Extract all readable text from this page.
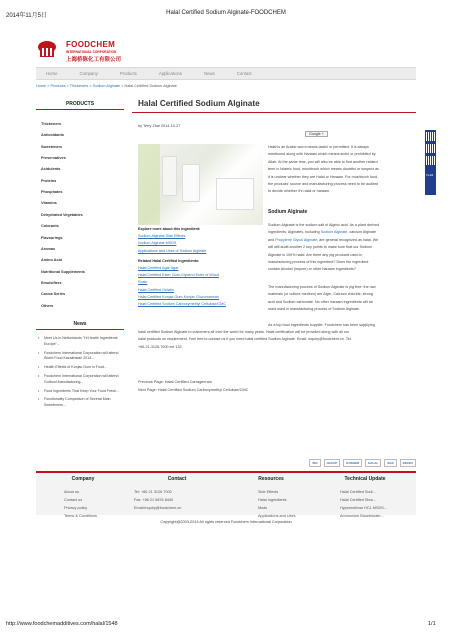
2014年11月5日	Halal Certified Sodium Alginate-FOODCHEM
FOODCHEM
INTERNATIONAL CORPORATION
上海桥陈化工有限公司
Home	Company	Products	Applications	News	Contact
Home > Products > Thickeners > Sodium Alginate > Halal Certified Sodium Alginate
PRODUCTS
Thickeners
Antioxidants
Sweeteners
Preservatives
Acidulents
Proteins
Phosphates
Vitamins
Dehydrated Vegetables
Colorants
Flavourings
Aromas
Amino Acid
Nutritional Supplements
Emulsifiers
Cocoa Series
Others
News
• Meet Us In Netherlands "Hi Health Ingredients Europe"...
• Foodchem International Corporation will attend World Food Kazakhstan 2014...
• Health Effects of Konjac Gum in Food...
• Foodchem International Corporation will attend Gulfood Manufacturing...
• Food Ingredients That Keep Your Food Fresh...
• Functionality Comparison of Several Main Sweeteners...
Halal Certified Sodium Alginate
by Terry Zhai 2014-10-27
Google +
Halal is an Arabic word means lawful or permitted. It is always
mentioned along with Haraam which means sinful or prohibited by
Allah. At the same time, you will also be able to find another related
term in Islamic food, mushbooh which means doubtful or suspect as
it is unclear whether they are Halal or Haraam. For mushbooh food,
the products' source and manufacturing process need to be audited
to decide whether it's halal or haraam.
Sodium Alginate
Sodium Alginate is the sodium salt of Alginic acid. As a plant derived
ingredients, Alginates, including Sodium Alginate, calcium Alginate
and Propylene Glycol Alginate, are general recognized as halal. We
will still audit another 2 key points to make sure that our Sodium
Alginate is 100% halal: Are there any pig products used in
manufacturing process of this ingredient? Does the ingredient
contain Alcohol (impure) or other haraam ingredients?
The manufacturing process of Sodium Alginate is pig free: the raw
materials (or culture medium) are Algin, Calcium chloride, strong
acid and Sodium carbonate. No other haraam ingredients will be
used used in manufacturing process of Sodium Alginate.
Explore more about this ingredient:
Sodium Alginate Side Effects
Sodium Alginate MSDS
Applications and Uses of Sodium Alginate
Related Halal Certified Ingredients:
Halal Certified Agar Agar
Halal Certified Ester Gum-Glycerol Ester of Wood
Rosin
Halal Certified Gelatin
Halal Certified Konjac Gum-Konjac Glucomannan
Halal Certified Sodium Carboxymethyl Cellulose/CMC
As a top food ingredients supplier, Foodchem has been supplying
halal certified Sodium Alginate to customers all over the world for many years. Halal certification will be provided along with all our
halal products on requirement. Feel free to contact us if you need halal certified Sodium Alginate. Email: inquiry@foodchem.cn. Tel:
+86-21-3126-7000 ext 133.
Previous Page: Halal Certified Carrageenan
Next Page: Halal Certified Sodium Carboxymethyl Cellulose/CMC
ISO	HACCP	KOSHER	HALAL	SGS	DECEV
Company
About us
Contact us
Privacy policy
Terms & Conditions
Contact
Tel: +86 21 3126 7000
Fax: +86 21 5876 8440
Email:inquiry@foodchem.cn
Resources
Side Effects
Halal Ingredients
Msds
Applications and Uses
Technical Update
Halal Certified Sodi...
Halal Certified Stea...
Hypromellose HCL MSDS...
Ammonium Bicarbonate...
Copyright@2003-2014 All rights reserved Foodchem International Corporation
Tw Ed
http://www.foodchemadditives.com/halal/1548	1/1
